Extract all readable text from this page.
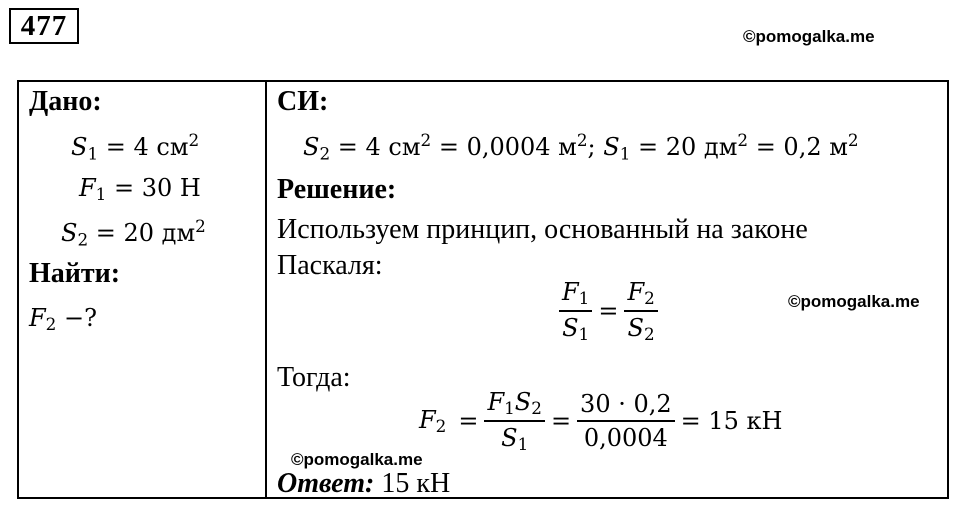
477	©pomogalka.me
Дано:
$S_1 = 4$ $см^2$
$F_1 = 30$ Н
$S_2 = 20$ $дм^2$
Найти:
$F_2$ −?
СИ:
$S_2 = 4$ $см^2 = 0,0004$ $м^2$; $S_1 = 20$ $дм^2 = 0,2$ $м^2$
Решение:
Используем принцип, основанный на законе
Паскаля:
$\frac{F_1}{S_1} = \frac{F_2}{S_2}$
Тогда:
$F_2 = \frac{F_1S_2}{S_1} = \frac{30 \cdot 0,2}{0,0004} = 15$ кН
Ответ: 15 кН
©pomogalka.me
©pomogalka.me
